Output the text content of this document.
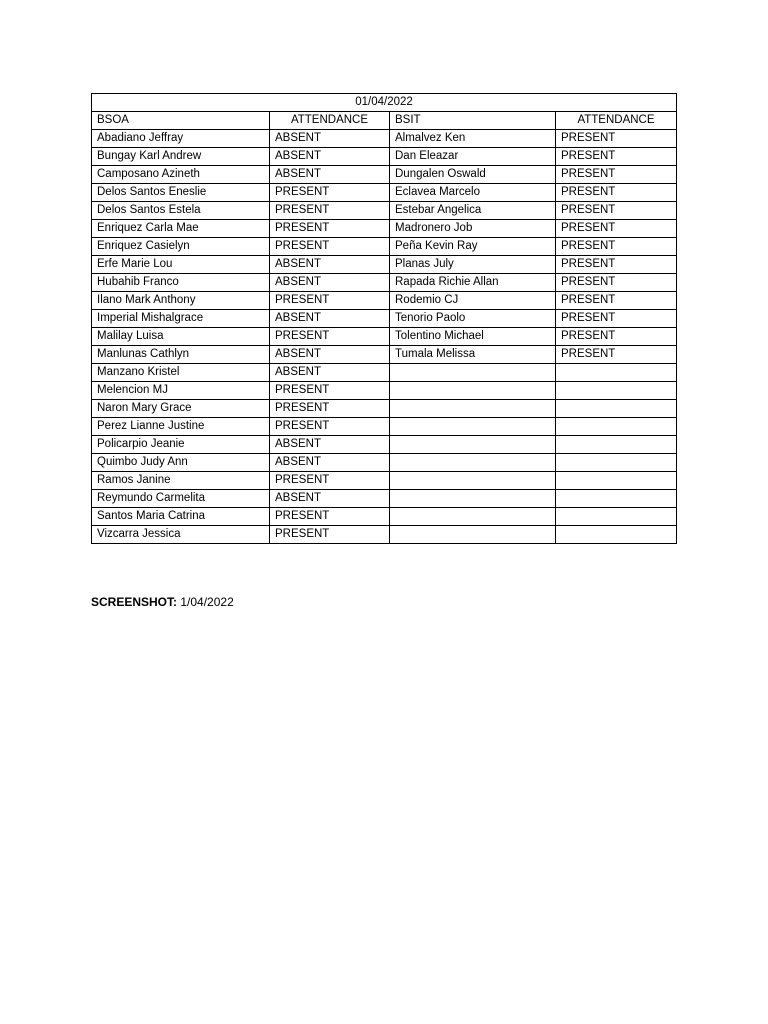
01/04/2022			
BSOA	ATTENDANCE	BSIT	ATTENDANCE
Abadiano Jeffray	ABSENT	Almalvez Ken	PRESENT
Bungay Karl Andrew	ABSENT	Dan Eleazar	PRESENT
Camposano Azineth	ABSENT	Dungalen Oswald	PRESENT
Delos Santos Eneslie	PRESENT	Eclavea Marcelo	PRESENT
Delos Santos Estela	PRESENT	Estebar Angelica	PRESENT
Enriquez Carla Mae	PRESENT	Madronero Job	PRESENT
Enriquez Casielyn	PRESENT	Peña Kevin Ray	PRESENT
Erfe Marie Lou	ABSENT	Planas July	PRESENT
Hubahib Franco	ABSENT	Rapada Richie Allan	PRESENT
Ilano Mark Anthony	PRESENT	Rodemio CJ	PRESENT
Imperial Mishalgrace	ABSENT	Tenorio Paolo	PRESENT
Malilay Luisa	PRESENT	Tolentino Michael	PRESENT
Manlunas Cathlyn	ABSENT	Tumala Melissa	PRESENT
Manzano Kristel	ABSENT		
Melencion MJ	PRESENT		
Naron Mary Grace	PRESENT		
Perez Lianne Justine	PRESENT		
Policarpio Jeanie	ABSENT		
Quimbo Judy Ann	ABSENT		
Ramos Janine	PRESENT		
Reymundo Carmelita	ABSENT		
Santos Maria Catrina	PRESENT		
Vizcarra Jessica	PRESENT		
SCREENSHOT: 1/04/2022
